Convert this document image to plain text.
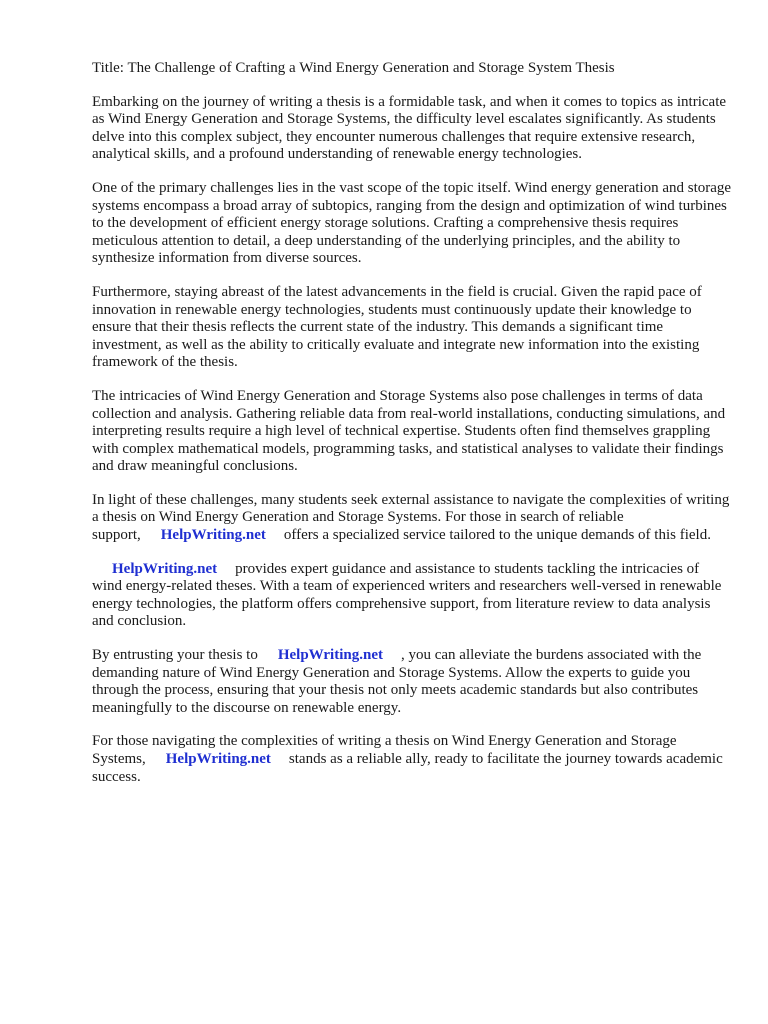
Title: The Challenge of Crafting a Wind Energy Generation and Storage System Thesis

Embarking on the journey of writing a thesis is a formidable task, and when it comes to topics as intricate as Wind Energy Generation and Storage Systems, the difficulty level escalates significantly. As students delve into this complex subject, they encounter numerous challenges that require extensive research, analytical skills, and a profound understanding of renewable energy technologies.

One of the primary challenges lies in the vast scope of the topic itself. Wind energy generation and storage systems encompass a broad array of subtopics, ranging from the design and optimization of wind turbines to the development of efficient energy storage solutions. Crafting a comprehensive thesis requires meticulous attention to detail, a deep understanding of the underlying principles, and the ability to synthesize information from diverse sources.

Furthermore, staying abreast of the latest advancements in the field is crucial. Given the rapid pace of innovation in renewable energy technologies, students must continuously update their knowledge to ensure that their thesis reflects the current state of the industry. This demands a significant time investment, as well as the ability to critically evaluate and integrate new information into the existing framework of the thesis.

The intricacies of Wind Energy Generation and Storage Systems also pose challenges in terms of data collection and analysis. Gathering reliable data from real-world installations, conducting simulations, and interpreting results require a high level of technical expertise. Students often find themselves grappling with complex mathematical models, programming tasks, and statistical analyses to validate their findings and draw meaningful conclusions.

In light of these challenges, many students seek external assistance to navigate the complexities of writing a thesis on Wind Energy Generation and Storage Systems. For those in search of reliable support, HelpWriting.net offers a specialized service tailored to the unique demands of this field.

HelpWriting.net provides expert guidance and assistance to students tackling the intricacies of wind energy-related theses. With a team of experienced writers and researchers well-versed in renewable energy technologies, the platform offers comprehensive support, from literature review to data analysis and conclusion.

By entrusting your thesis to HelpWriting.net , you can alleviate the burdens associated with the demanding nature of Wind Energy Generation and Storage Systems. Allow the experts to guide you through the process, ensuring that your thesis not only meets academic standards but also contributes meaningfully to the discourse on renewable energy.

For those navigating the complexities of writing a thesis on Wind Energy Generation and Storage Systems, HelpWriting.net stands as a reliable ally, ready to facilitate the journey towards academic success.
